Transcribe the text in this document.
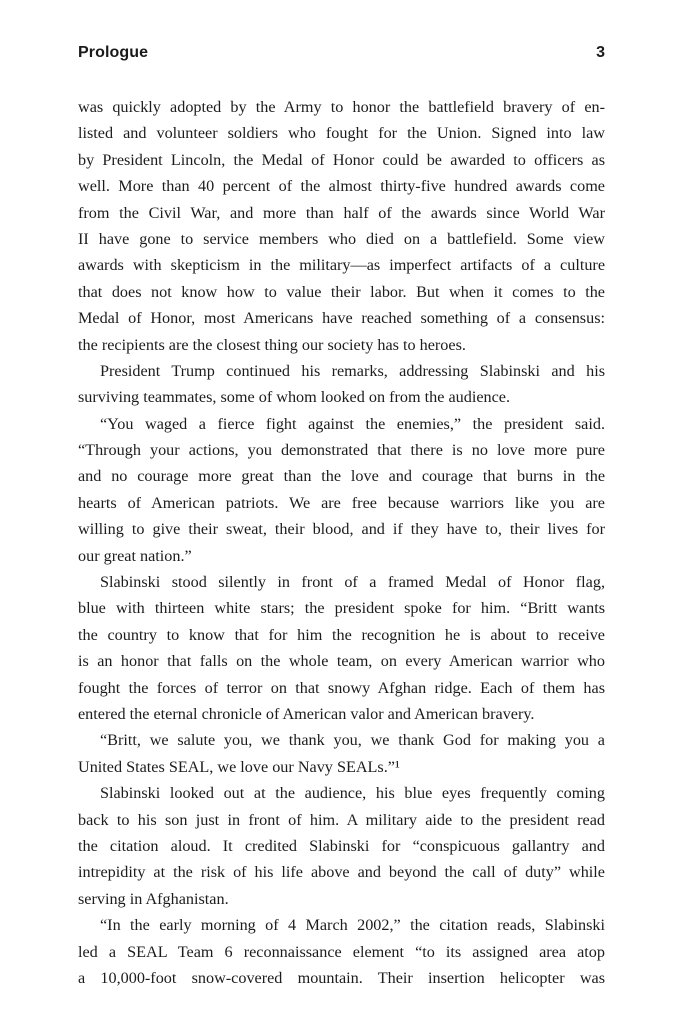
Prologue	3
was quickly adopted by the Army to honor the battlefield bravery of en-
listed and volunteer soldiers who fought for the Union. Signed into law
by President Lincoln, the Medal of Honor could be awarded to officers as
well. More than 40 percent of the almost thirty-five hundred awards come
from the Civil War, and more than half of the awards since World War
II have gone to service members who died on a battlefield. Some view
awards with skepticism in the military—as imperfect artifacts of a culture
that does not know how to value their labor. But when it comes to the
Medal of Honor, most Americans have reached something of a consensus:
the recipients are the closest thing our society has to heroes.
President Trump continued his remarks, addressing Slabinski and his
surviving teammates, some of whom looked on from the audience.
“You waged a fierce fight against the enemies,” the president said.
“Through your actions, you demonstrated that there is no love more pure
and no courage more great than the love and courage that burns in the
hearts of American patriots. We are free because warriors like you are
willing to give their sweat, their blood, and if they have to, their lives for
our great nation.”
Slabinski stood silently in front of a framed Medal of Honor flag,
blue with thirteen white stars; the president spoke for him. “Britt wants
the country to know that for him the recognition he is about to receive
is an honor that falls on the whole team, on every American warrior who
fought the forces of terror on that snowy Afghan ridge. Each of them has
entered the eternal chronicle of American valor and American bravery.
“Britt, we salute you, we thank you, we thank God for making you a
United States SEAL, we love our Navy SEALs.”¹
Slabinski looked out at the audience, his blue eyes frequently coming
back to his son just in front of him. A military aide to the president read
the citation aloud. It credited Slabinski for “conspicuous gallantry and
intrepidity at the risk of his life above and beyond the call of duty” while
serving in Afghanistan.
“In the early morning of 4 March 2002,” the citation reads, Slabinski
led a SEAL Team 6 reconnaissance element “to its assigned area atop
a 10,000-foot snow-covered mountain. Their insertion helicopter was
